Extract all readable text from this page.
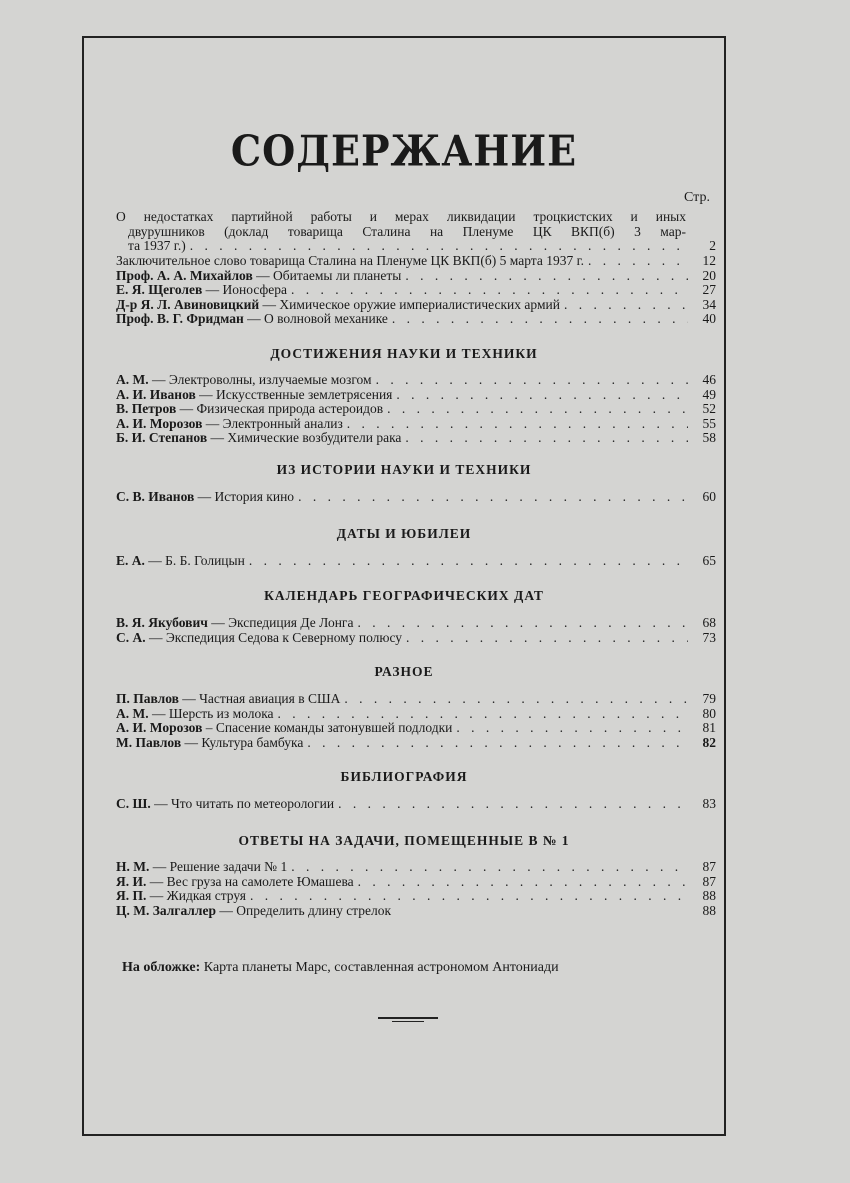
СОДЕРЖАНИЕ
Стр.
О недостатках партийной работы и мерах ликвидации троцкистских и иных
двурушников (доклад товарища Сталина на Пленуме ЦК ВКП(б) 3 мар-
та 1937 г.) . . .	2
Заключительное слово товарища Сталина на Пленуме ЦК ВКП(б) 5 марта 1937 г. . . .	12
Проф. А. А. Михайлов — Обитаемы ли планеты . . .	20
Е. Я. Щеголев — Ионосфера . . .	27
Д-р Я. Л. Авиновицкий — Химическое оружие империалистических армий . . .	34
Проф. В. Г. Фридман — О волновой механике . . .	40
ДОСТИЖЕНИЯ НАУКИ И ТЕХНИКИ
А. М. — Электроволны, излучаемые мозгом . . .	46
А. И. Иванов — Искусственные землетрясения . . .	49
В. Петров — Физическая природа астероидов . . .	52
А. И. Морозов — Электронный анализ . . .	55
Б. И. Степанов — Химические возбудители рака . . .	58
ИЗ ИСТОРИИ НАУКИ И ТЕХНИКИ
С. В. Иванов — История кино . . .	60
ДАТЫ И ЮБИЛЕИ
Е. А. — Б. Б. Голицын . . .	65
КАЛЕНДАРЬ ГЕОГРАФИЧЕСКИХ ДАТ
В. Я. Якубович — Экспедиция Де Лонга . . .	68
С. А. — Экспедиция Седова к Северному полюсу . . .	73
РАЗНОЕ
П. Павлов — Частная авиация в США . . .	79
А. М. — Шерсть из молока . . .	80
А. И. Морозов – Спасение команды затонувшей подлодки . . .	81
М. Павлов — Культура бамбука . . .	82
БИБЛИОГРАФИЯ
С. Ш. — Что читать по метеорологии . . .	83
ОТВЕТЫ НА ЗАДАЧИ, ПОМЕЩЕННЫЕ В № 1
Н. М. — Решение задачи № 1 . . .	87
Я. И. — Вес груза на самолете Юмашева . . .	87
Я. П. — Жидкая струя . . .	88
Ц. М. Залгаллер — Определить длину стрелок	88
На обложке: Карта планеты Марс, составленная астрономом Антониади
